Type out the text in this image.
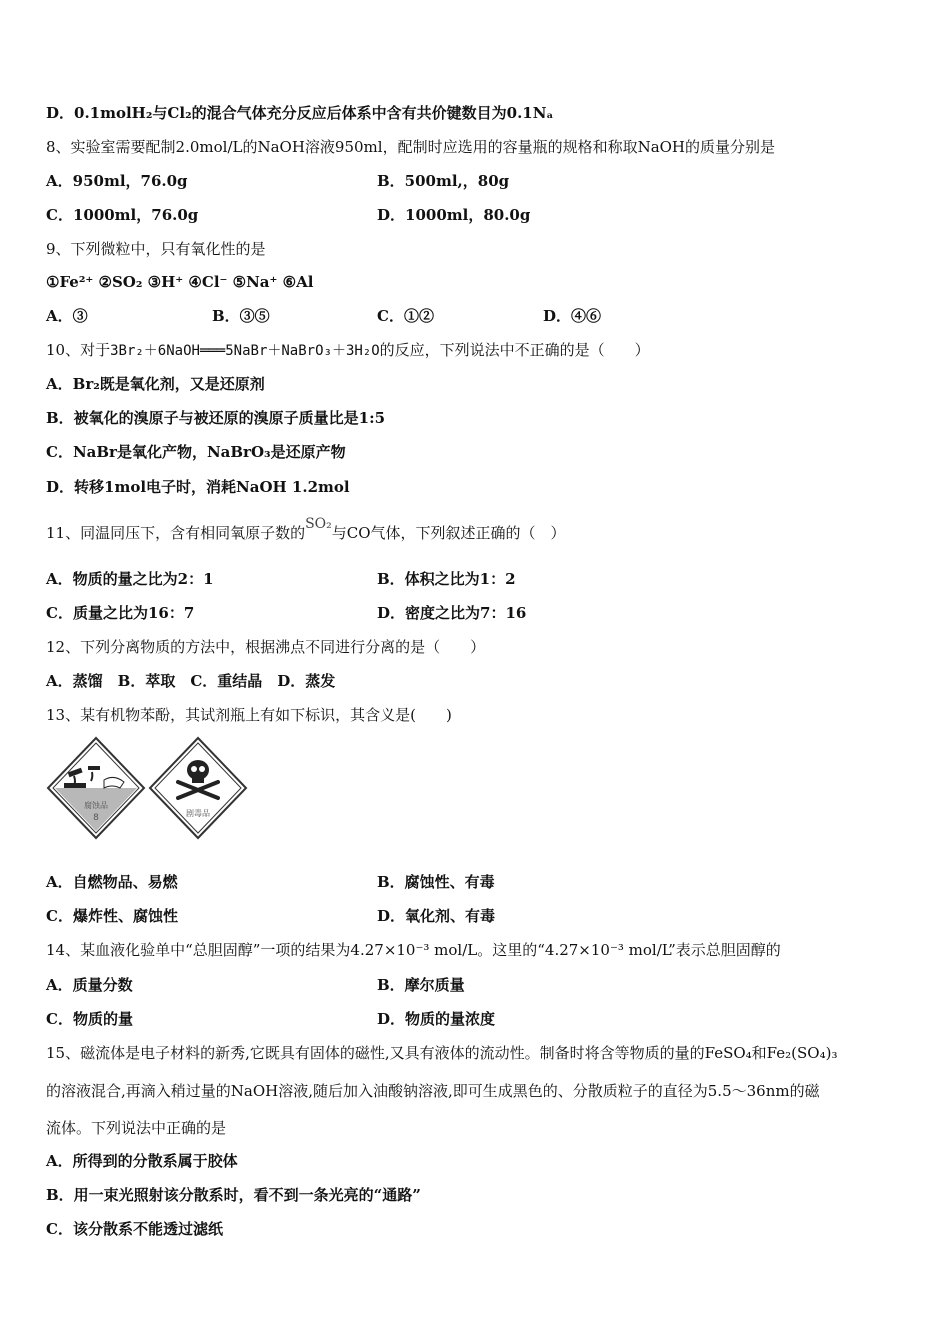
D．0.1molH₂与Cl₂的混合气体充分反应后体系中含有共价键数目为0.1Nₐ
8、实验室需要配制2.0mol/L的NaOH溶液950ml，配制时应选用的容量瓶的规格和称取NaOH的质量分别是
A．950ml，76.0g	B．500ml,，80g
C．1000ml，76.0g	D．1000ml，80.0g
9、下列微粒中，只有氧化性的是
①Fe²⁺ ②SO₂ ③H⁺ ④Cl⁻ ⑤Na⁺ ⑥Al
A．③	B．③⑤	C．①②	D．④⑥
10、对于3Br₂＋6NaOH═══5NaBr＋NaBrO₃＋3H₂O的反应，下列说法中不正确的是（　　）
A．Br₂既是氧化剂，又是还原剂
B．被氧化的溴原子与被还原的溴原子质量比是1:5
C．NaBr是氧化产物，NaBrO₃是还原产物
D．转移1mol电子时，消耗NaOH 1.2mol
11、同温同压下，含有相同氧原子数的SO₂与CO气体，下列叙述正确的（　）
A．物质的量之比为2：1	B．体积之比为1：2
C．质量之比为16：7	D．密度之比为7：16
12、下列分离物质的方法中，根据沸点不同进行分离的是（　　）
A．蒸馏　B．萃取　C．重结晶　D．蒸发
13、某有机物苯酚，其试剂瓶上有如下标识，其含义是(　　)
腐蚀品
8	剧毒品
A．自燃物品、易燃	B．腐蚀性、有毒
C．爆炸性、腐蚀性	D．氧化剂、有毒
14、某血液化验单中“总胆固醇”一项的结果为4.27×10⁻³ mol/L。这里的“4.27×10⁻³ mol/L”表示总胆固醇的
A．质量分数	B．摩尔质量
C．物质的量	D．物质的量浓度
15、磁流体是电子材料的新秀,它既具有固体的磁性,又具有液体的流动性。制备时将含等物质的量的FeSO₄和Fe₂(SO₄)₃
的溶液混合,再滴入稍过量的NaOH溶液,随后加入油酸钠溶液,即可生成黑色的、分散质粒子的直径为5.5～36nm的磁
流体。下列说法中正确的是
A．所得到的分散系属于胶体
B．用一束光照射该分散系时，看不到一条光亮的“通路”
C．该分散系不能透过滤纸
